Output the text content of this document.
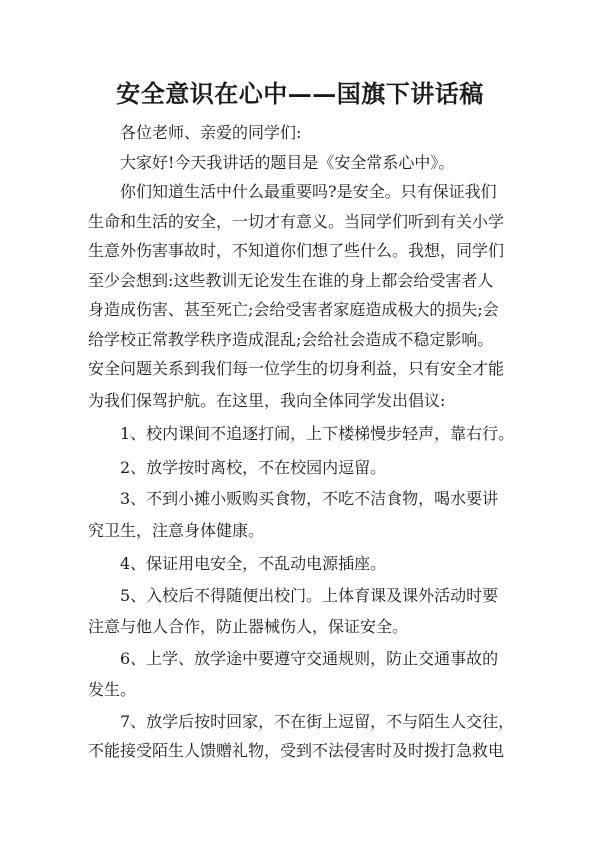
安全意识在心中——国旗下讲话稿
各位老师、亲爱的同学们:
大家好!今天我讲话的题目是《安全常系心中》。
你们知道生活中什么最重要吗?是安全。只有保证我们
生命和生活的安全，一切才有意义。当同学们听到有关小学
生意外伤害事故时，不知道你们想了些什么。我想，同学们
至少会想到:这些教训无论发生在谁的身上都会给受害者人
身造成伤害、甚至死亡;会给受害者家庭造成极大的损失;会
给学校正常教学秩序造成混乱;会给社会造成不稳定影响。
安全问题关系到我们每一位学生的切身利益，只有安全才能
为我们保驾护航。在这里，我向全体同学发出倡议:
1、校内课间不追逐打闹，上下楼梯慢步轻声，靠右行。
2、放学按时离校，不在校园内逗留。
3、不到小摊小贩购买食物，不吃不洁食物，喝水要讲
究卫生，注意身体健康。
4、保证用电安全，不乱动电源插座。
5、入校后不得随便出校门。上体育课及课外活动时要
注意与他人合作，防止器械伤人，保证安全。
6、上学、放学途中要遵守交通规则，防止交通事故的
发生。
7、放学后按时回家，不在街上逗留，不与陌生人交往，
不能接受陌生人馈赠礼物，受到不法侵害时及时拨打急救电
